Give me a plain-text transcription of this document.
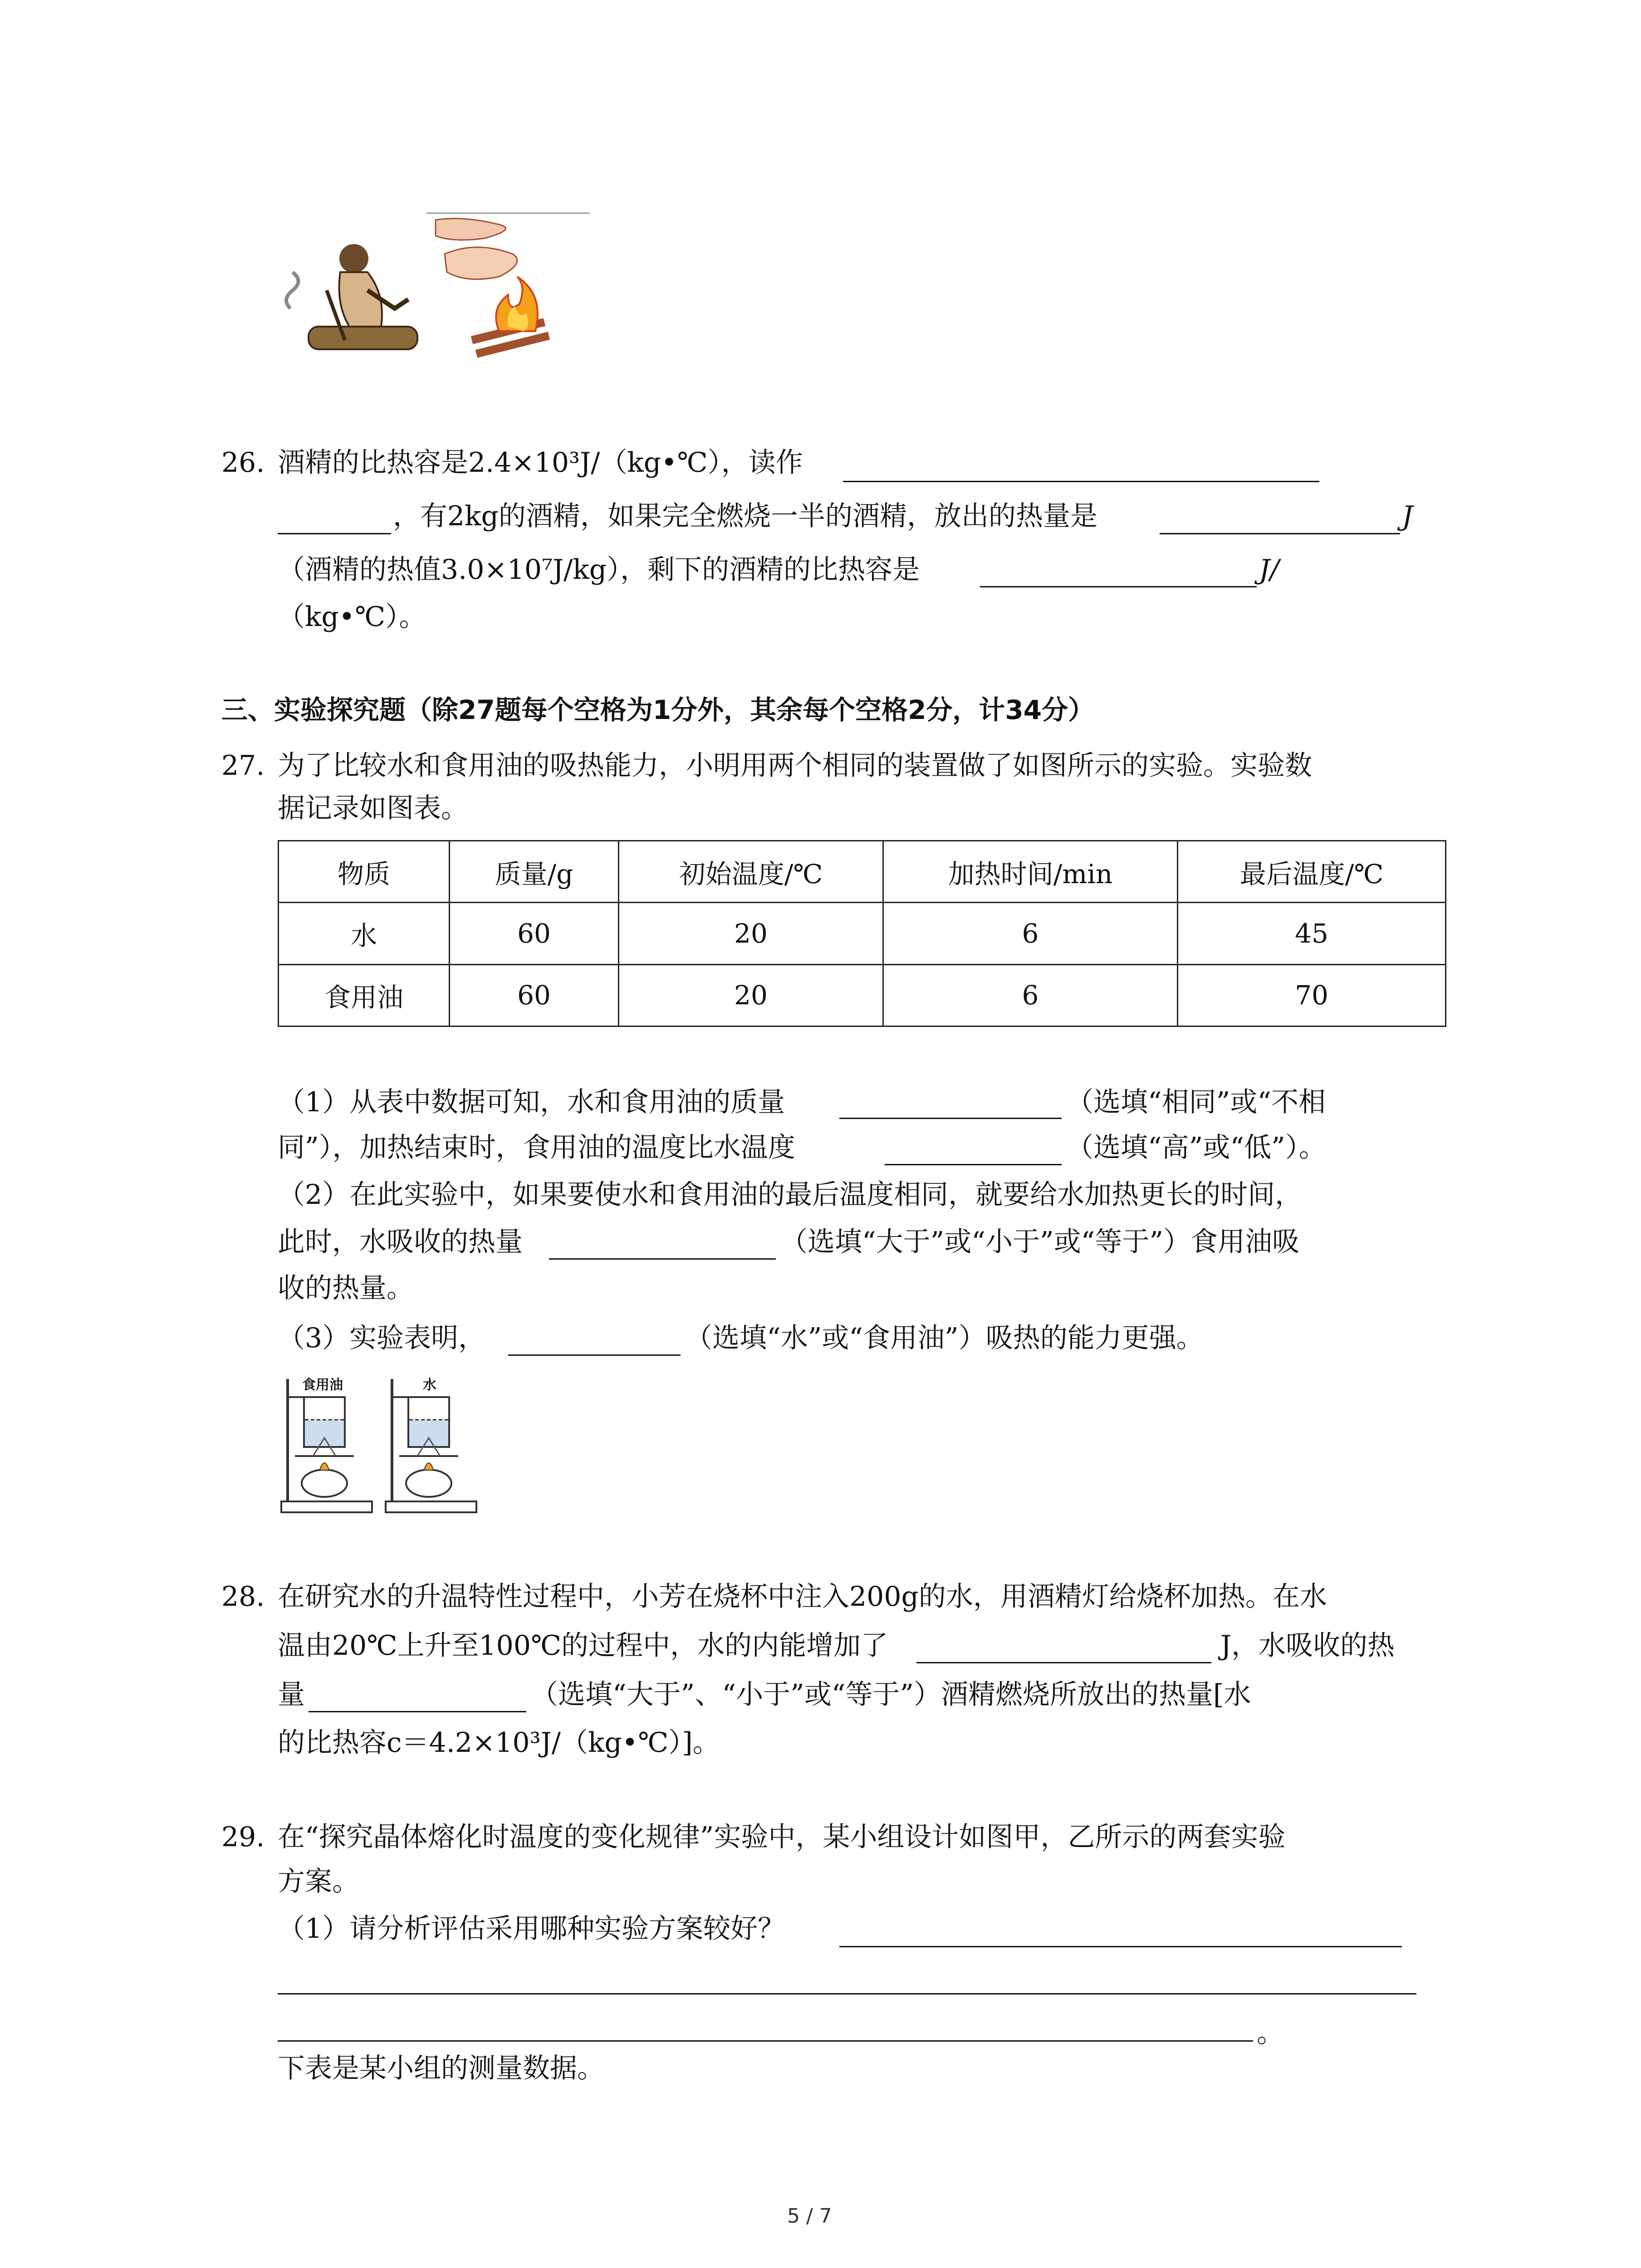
26. 酒精的比热容是2.4×10³J/（kg•℃），读作
，有2kg的酒精，如果完全燃烧一半的酒精，放出的热量是	J
（酒精的热值3.0×10⁷J/kg），剩下的酒精的比热容是	J/
（kg•℃）。
三、实验探究题（除27题每个空格为1分外，其余每个空格2分，计34分）
27. 为了比较水和食用油的吸热能力，小明用两个相同的装置做了如图所示的实验。实验数
据记录如图表。
物质	质量/g	初始温度/℃	加热时间/min	最后温度/℃
水	60	20	6	45
食用油	60	20	6	70
（1）从表中数据可知，水和食用油的质量	（选填“相同”或“不相
同”），加热结束时，食用油的温度比水温度	（选填“高”或“低”）。
（2）在此实验中，如果要使水和食用油的最后温度相同，就要给水加热更长的时间，
此时，水吸收的热量	（选填“大于”或“小于”或“等于”）食用油吸
收的热量。
（3）实验表明，	（选填“水”或“食用油”）吸热的能力更强。
食用油	水
28. 在研究水的升温特性过程中，小芳在烧杯中注入200g的水，用酒精灯给烧杯加热。在水
温由20℃上升至100℃的过程中，水的内能增加了	J，水吸收的热
量	（选填“大于”、“小于”或“等于”）酒精燃烧所放出的热量[水
的比热容c＝4.2×10³J/（kg•℃）]。
29. 在“探究晶体熔化时温度的变化规律”实验中，某小组设计如图甲，乙所示的两套实验
方案。
（1）请分析评估采用哪种实验方案较好？
。
下表是某小组的测量数据。
5 / 7
